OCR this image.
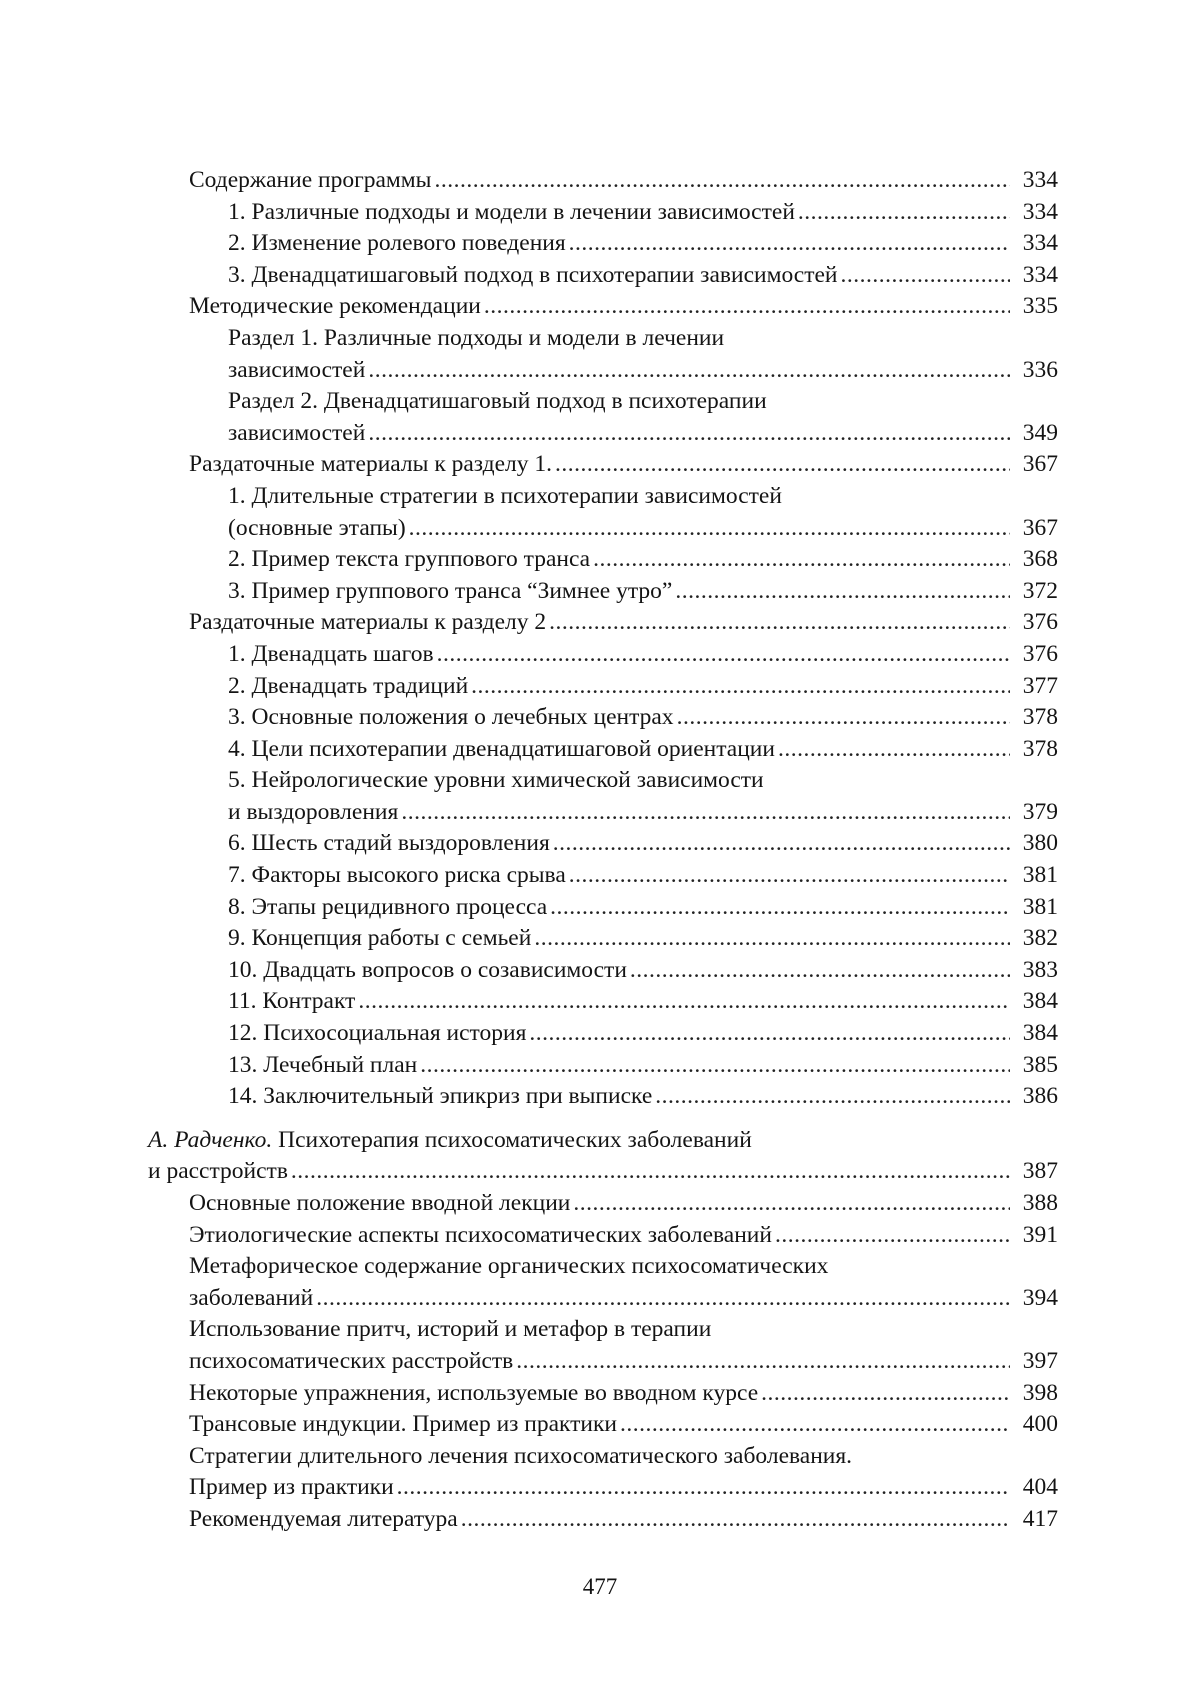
Содержание программы .....	334
1. Различные подходы и модели в лечении зависимостей .....	334
2. Изменение ролевого поведения .....	334
3. Двенадцатишаговый подход в психотерапии зависимостей .....	334
Методические рекомендации .....	335
Раздел 1. Различные подходы и модели в лечении
зависимостей .....	336
Раздел 2. Двенадцатишаговый подход в психотерапии
зависимостей .....	349
Раздаточные материалы к разделу 1. .....	367
1. Длительные стратегии в психотерапии зависимостей
(основные этапы) .....	367
2. Пример текста группового транса .....	368
3. Пример группового транса “Зимнее утро” .....	372
Раздаточные материалы к разделу 2 .....	376
1. Двенадцать шагов .....	376
2. Двенадцать традиций .....	377
3. Основные положения о лечебных центрах .....	378
4. Цели психотерапии двенадцатишаговой ориентации .....	378
5. Нейрологические уровни химической зависимости
и выздоровления .....	379
6. Шесть стадий выздоровления .....	380
7. Факторы высокого риска срыва .....	381
8. Этапы рецидивного процесса .....	381
9. Концепция работы с семьей .....	382
10. Двадцать вопросов о созависимости .....	383
11. Контракт .....	384
12. Психосоциальная история .....	384
13. Лечебный план .....	385
14. Заключительный эпикриз при выписке .....	386
А. Радченко. Психотерапия психосоматических заболеваний
и расстройств .....	387
Основные положение вводной лекции .....	388
Этиологические аспекты психосоматических заболеваний .....	391
Метафорическое содержание органических психосоматических
заболеваний .....	394
Использование притч, историй и метафор в терапии
психосоматических расстройств .....	397
Некоторые упражнения, используемые во вводном курсе .....	398
Трансовые индукции. Пример из практики .....	400
Стратегии длительного лечения психосоматического заболевания.
Пример из практики .....	404
Рекомендуемая литература .....	417
477
